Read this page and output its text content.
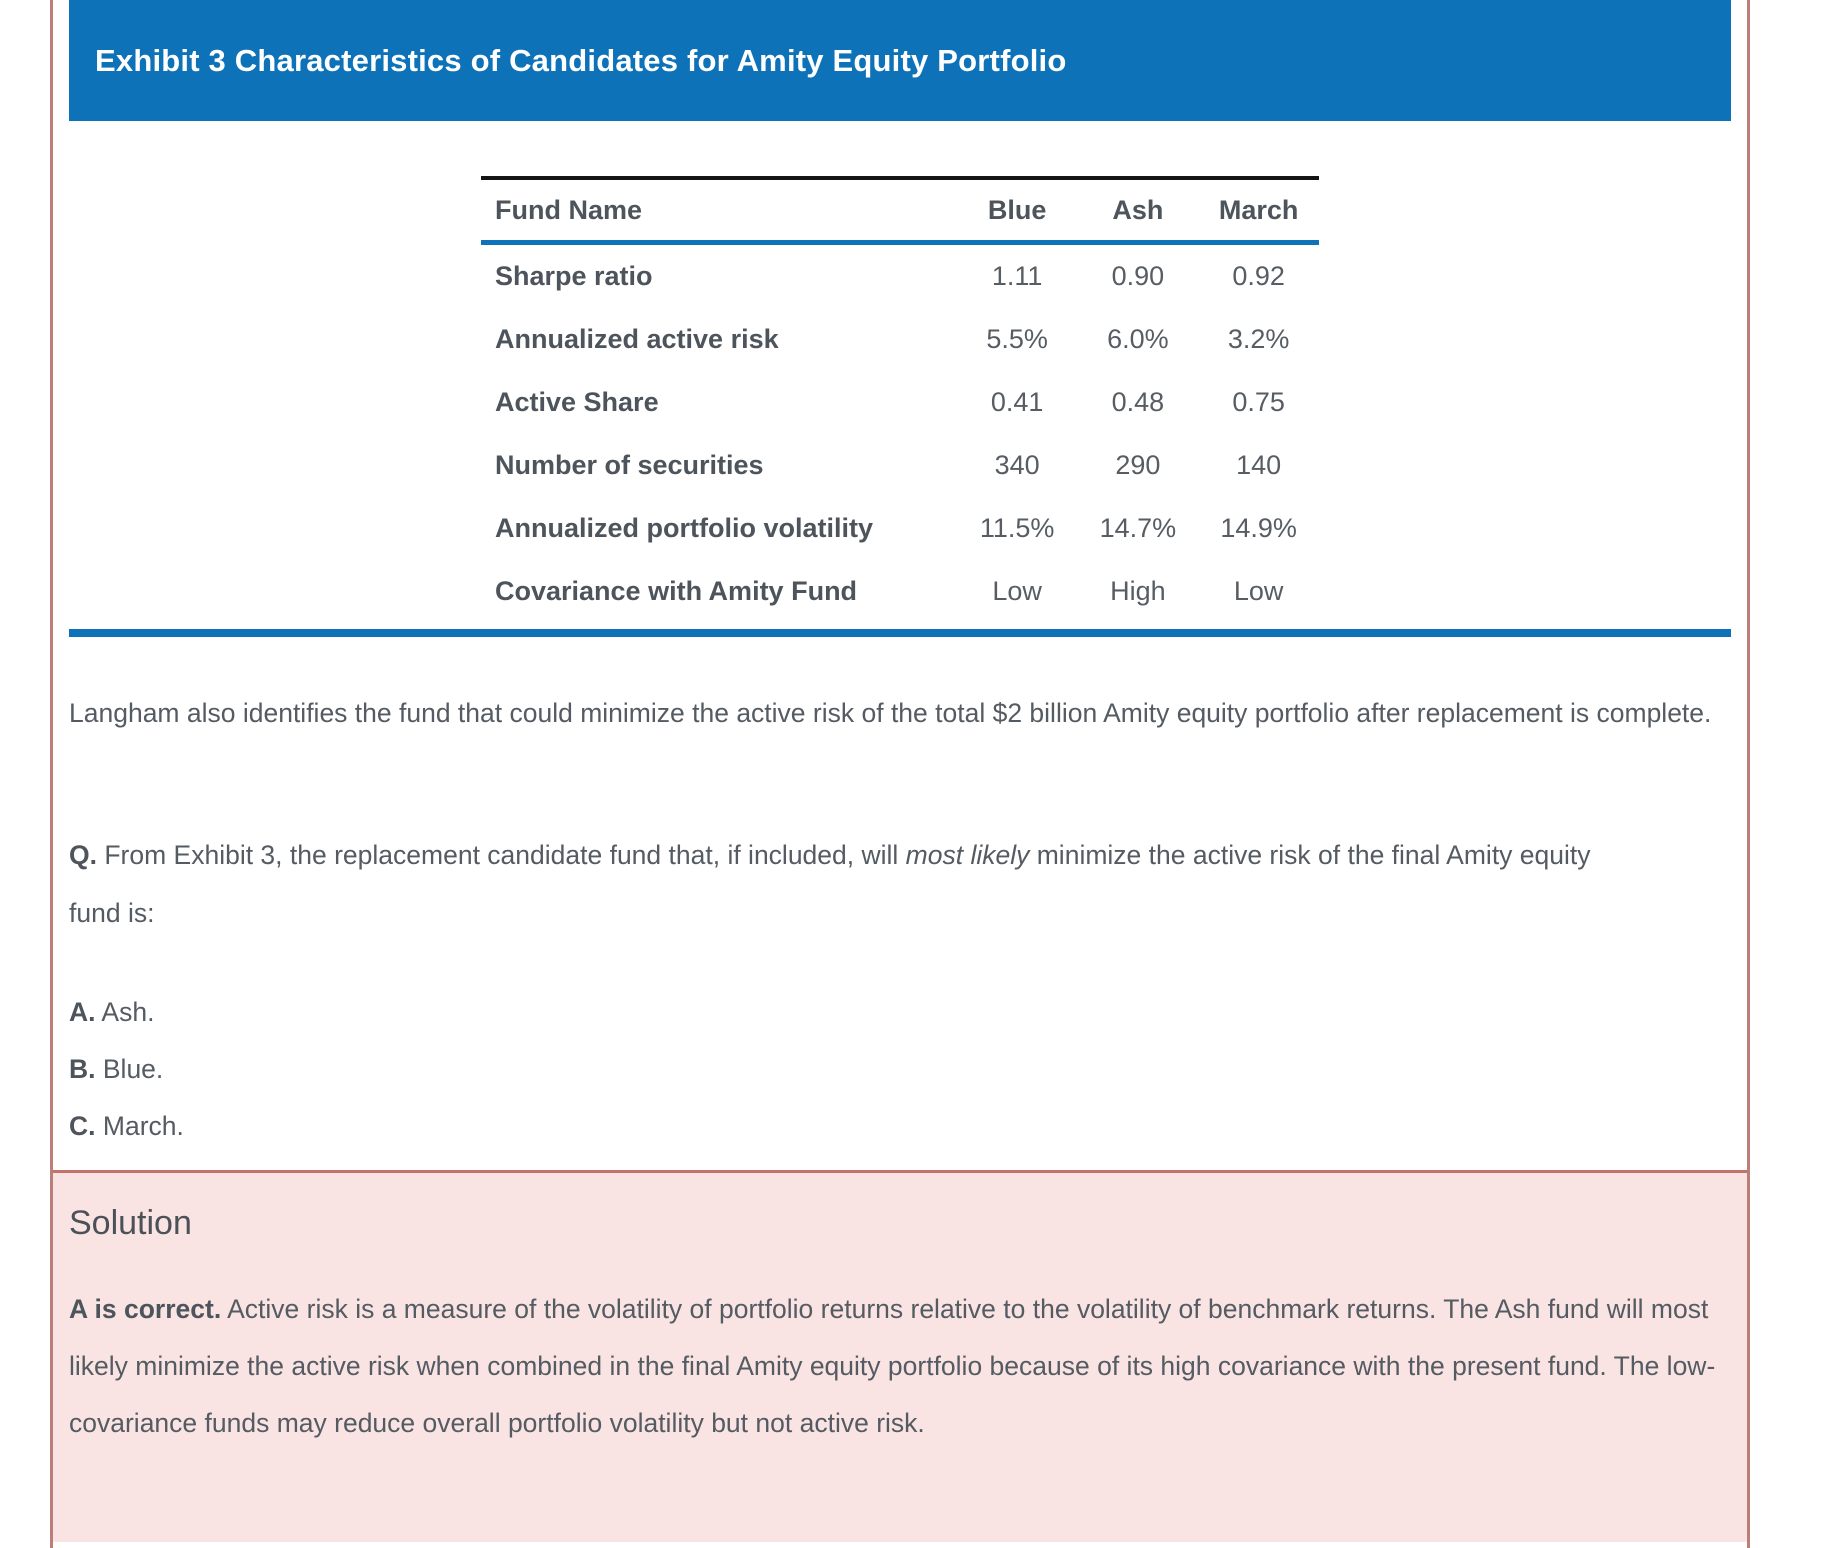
Exhibit 3 Characteristics of Candidates for Amity Equity Portfolio
Fund Name	Blue	Ash	March
Sharpe ratio	1.11	0.90	0.92
Annualized active risk	5.5%	6.0%	3.2%
Active Share	0.41	0.48	0.75
Number of securities	340	290	140
Annualized portfolio volatility	11.5%	14.7%	14.9%
Covariance with Amity Fund	Low	High	Low

Langham also identifies the fund that could minimize the active risk of the total $2 billion Amity equity portfolio after replacement is complete.

Q. From Exhibit 3, the replacement candidate fund that, if included, will most likely minimize the active risk of the final Amity equity fund is:

A. Ash.

B. Blue.

C. March.

Solution

A is correct. Active risk is a measure of the volatility of portfolio returns relative to the volatility of benchmark returns. The Ash fund will most likely minimize the active risk when combined in the final Amity equity portfolio because of its high covariance with the present fund. The low-covariance funds may reduce overall portfolio volatility but not active risk.
